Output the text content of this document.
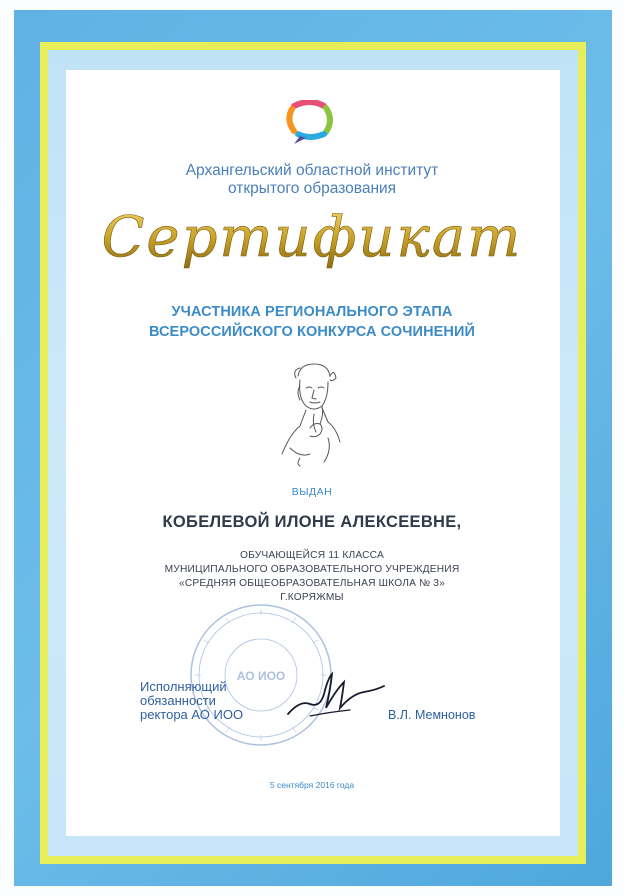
Архангельский областной институт
открытого образования
Сертификат
УЧАСТНИКА РЕГИОНАЛЬНОГО ЭТАПА
ВСЕРОССИЙСКОГО КОНКУРСА СОЧИНЕНИЙ
ВЫДАН
КОБЕЛЕВОЙ ИЛОНЕ АЛЕКСЕЕВНЕ,
ОБУЧАЮЩЕЙСЯ 11 КЛАССА
МУНИЦИПАЛЬНОГО ОБРАЗОВАТЕЛЬНОГО УЧРЕЖДЕНИЯ
«СРЕДНЯЯ ОБЩЕОБРАЗОВАТЕЛЬНАЯ ШКОЛА № 3»
Г.КОРЯЖМЫ
АО ИОО
Исполняющий
обязанности
ректора АО ИОО	В.Л. Мемнонов
5 сентября 2016 года
